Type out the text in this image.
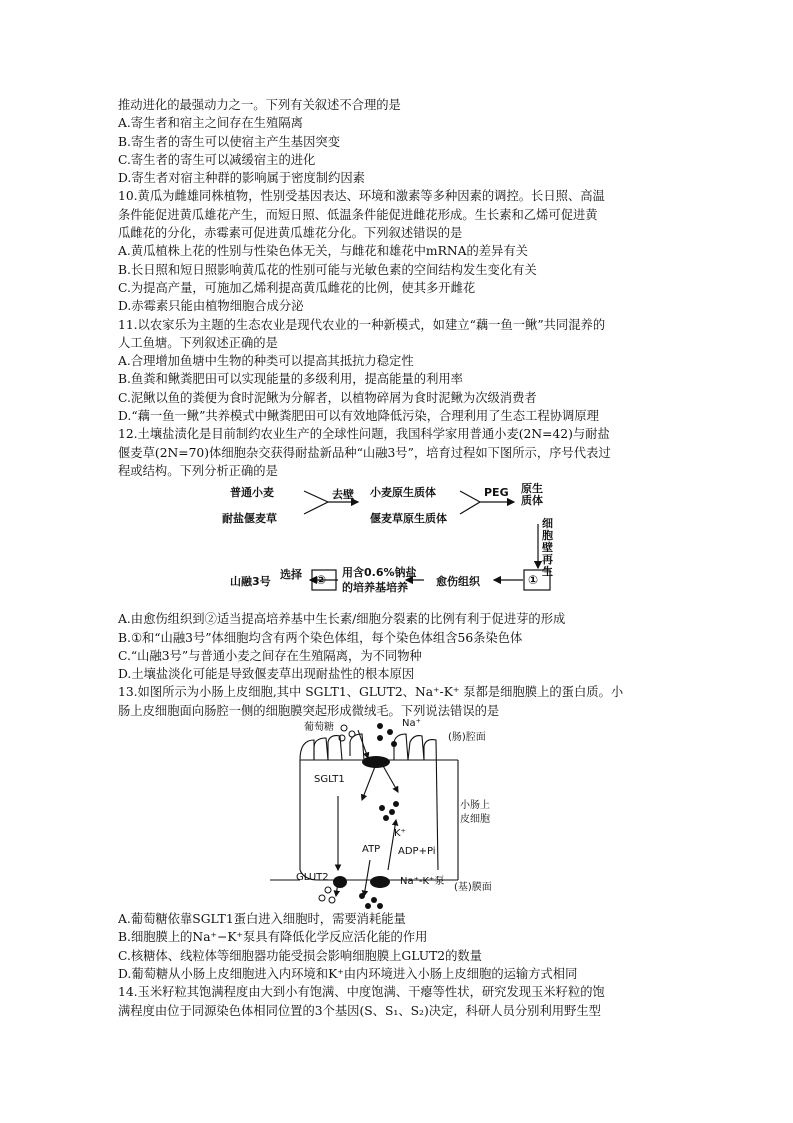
推动进化的最强动力之一。下列有关叙述不合理的是
A.寄生者和宿主之间存在生殖隔离
B.寄生者的寄生可以使宿主产生基因突变
C.寄生者的寄生可以减缓宿主的进化
D.寄生者对宿主种群的影响属于密度制约因素
10.黄瓜为雌雄同株植物，性别受基因表达、环境和激素等多种因素的调控。长日照、高温
条件能促进黄瓜雄花产生，而短日照、低温条件能促进雌花形成。生长素和乙烯可促进黄
瓜雌花的分化，赤霉素可促进黄瓜雄花分化。下列叙述错误的是
A.黄瓜植株上花的性别与性染色体无关，与雌花和雄花中mRNA的差异有关
B.长日照和短日照影响黄瓜花的性别可能与光敏色素的空间结构发生变化有关
C.为提高产量，可施加乙烯利提高黄瓜雌花的比例，使其多开雌花
D.赤霉素只能由植物细胞合成分泌
11.以农家乐为主题的生态农业是现代农业的一种新模式，如建立“藕一鱼一鳅”共同混养的
人工鱼塘。下列叙述正确的是
A.合理增加鱼塘中生物的种类可以提高其抵抗力稳定性
B.鱼粪和鳅粪肥田可以实现能量的多级利用，提高能量的利用率
C.泥鳅以鱼的粪便为食时泥鳅为分解者，以植物碎屑为食时泥鳅为次级消费者
D.“藕一鱼一鳅”共养模式中鳅粪肥田可以有效地降低污染，合理利用了生态工程协调原理
12.土壤盐渍化是目前制约农业生产的全球性问题，我国科学家用普通小麦(2N=42)与耐盐
偃麦草(2N=70)体细胞杂交获得耐盐新品种“山融3号”，培育过程如下图所示，序号代表过
程或结构。下列分析正确的是
普通小麦
耐盐偃麦草
去壁 小麦原生质体
偃麦草原生质体
PEG 原生质体
细胞壁再生
①
愈伤组织
用含0.6%钠盐
的培养基培养
②
选择
山融3号
A.由愈伤组织到②适当提高培养基中生长素/细胞分裂素的比例有利于促进芽的形成
B.①和“山融3号”体细胞均含有两个染色体组，每个染色体组含56条染色体
C.“山融3号”与普通小麦之间存在生殖隔离，为不同物种
D.土壤盐淡化可能是导致偃麦草出现耐盐性的根本原因
13.如图所示为小肠上皮细胞,其中 SGLT1、GLUT2、Na⁺-K⁺ 泵都是细胞膜上的蛋白质。小
肠上皮细胞面向肠腔一侧的细胞膜突起形成微绒毛。下列说法错误的是
葡萄糖	Na⁺
(肠)腔面
SGLT1
小肠上
皮细胞
K⁺
ATP ADP+Pi
GLUT2	Na⁺-K⁺泵
(基)膜面
A.葡萄糖依靠SGLT1蛋白进入细胞时，需要消耗能量
B.细胞膜上的Na⁺−K⁺泵具有降低化学反应活化能的作用
C.核糖体、线粒体等细胞器功能受损会影响细胞膜上GLUT2的数量
D.葡萄糖从小肠上皮细胞进入内环境和K⁺由内环境进入小肠上皮细胞的运输方式相同
14.玉米籽粒其饱满程度由大到小有饱满、中度饱满、干瘪等性状，研究发现玉米籽粒的饱
满程度由位于同源染色体相同位置的3个基因(S、S₁、S₂)决定，科研人员分别利用野生型
